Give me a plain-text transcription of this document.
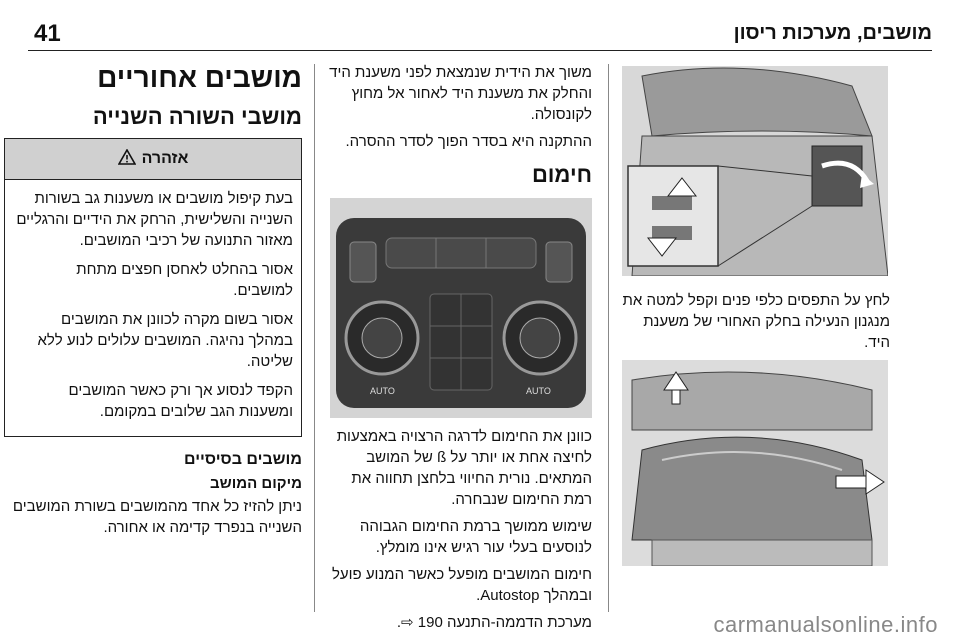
41	מושבים, מערכות ריסון
לחץ על התפסים כלפי פנים וקפל למטה את מנגנון הנעילה בחלק האחורי של משענת היד.

משוך את הידית שנמצאת לפני משענת היד והחלק את משענת היד לאחור אל מחוץ לקונסולה.

ההתקנה היא בסדר הפוך לסדר ההסרה.

חימום
AUTO	AUTO

כוונן את החימום לדרגה הרצויה באמצעות לחיצה אחת או יותר על ß של המושב המתאים. נורית החיווי בלחצן תחווה את רמת החימום שנבחרה.

שימוש ממושך ברמת החימום הגבוהה לנוסעים בעלי עור רגיש אינו מומלץ.

חימום המושבים מופעל כאשר המנוע פועל ובמהלך Autostop.

מערכת הדממה-התנעה 190 ⇨.

מושבים אחוריים
מושבי השורה השנייה
אזהרה

בעת קיפול מושבים או משענות גב בשורות השנייה והשלישית, הרחק את הידיים והרגליים מאזור התנועה של רכיבי המושבים.

אסור בהחלט לאחסן חפצים מתחת למושבים.

אסור בשום מקרה לכוונן את המושבים במהלך נהיגה. המושבים עלולים לנוע ללא שליטה.

הקפד לנסוע אך ורק כאשר המושבים ומשענות הגב שלובים במקומם.

מושבים בסיסיים
מיקום המושב

ניתן להזיז כל אחד מהמושבים בשורת המושבים השנייה בנפרד קדימה או אחורה.

carmanualsonline.info
